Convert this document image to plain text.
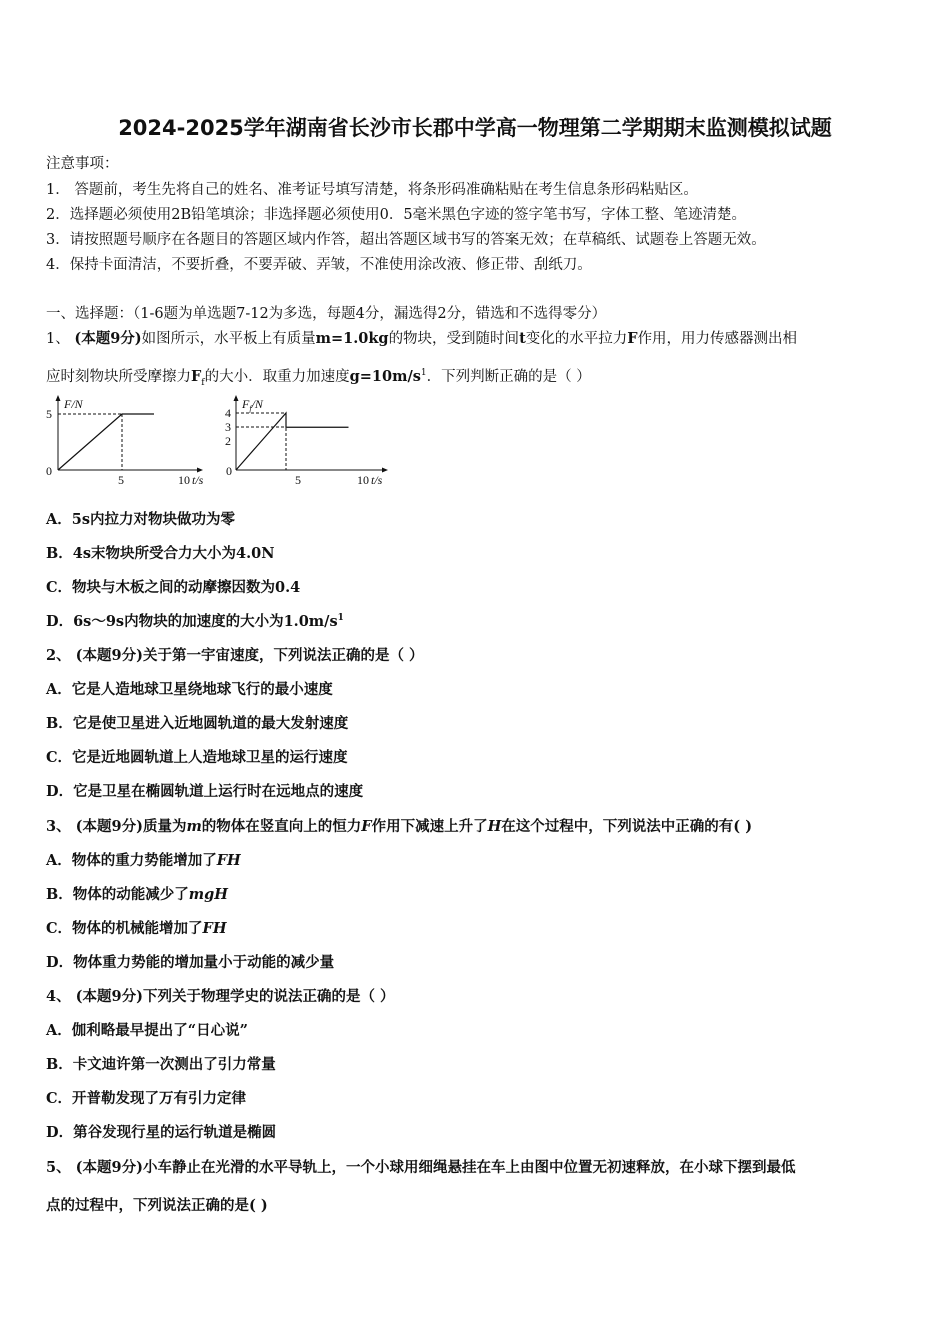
2024-2025学年湖南省长沙市长郡中学高一物理第二学期期末监测模拟试题
注意事项：
1． 答题前，考生先将自己的姓名、准考证号填写清楚，将条形码准确粘贴在考生信息条形码粘贴区。
2．选择题必须使用2B铅笔填涂；非选择题必须使用0．5毫米黑色字迹的签字笔书写，字体工整、笔迹清楚。
3．请按照题号顺序在各题目的答题区域内作答，超出答题区域书写的答案无效；在草稿纸、试题卷上答题无效。
4．保持卡面清洁，不要折叠，不要弄破、弄皱，不准使用涂改液、修正带、刮纸刀。
一、选择题：（1-6题为单选题7-12为多选，每题4分，漏选得2分，错选和不选得零分）
1、 (本题9分)如图所示，水平板上有质量m=1.0kg的物块，受到随时间t变化的水平拉力F作用，用力传感器测出相
应时刻物块所受摩擦力$F_f$的大小．取重力加速度$g=10m/s^1$．下列判断正确的是（ ）
F/N
5
0
5	10 t/s
$F_f/N$
4
3
2
0
5	10 t/s
A．5s内拉力对物块做功为零
B．4s末物块所受合力大小为4.0N
C．物块与木板之间的动摩擦因数为0.4
D．6s～9s内物块的加速度的大小为$1.0m/s^1$
2、 (本题9分)关于第一宇宙速度，下列说法正确的是（ ）
A．它是人造地球卫星绕地球飞行的最小速度
B．它是使卫星进入近地圆轨道的最大发射速度
C．它是近地圆轨道上人造地球卫星的运行速度
D．它是卫星在椭圆轨道上运行时在远地点的速度
3、 (本题9分)质量为m的物体在竖直向上的恒力F作用下减速上升了H在这个过程中，下列说法中正确的有( )
A．物体的重力势能增加了FH
B．物体的动能减少了mgH
C．物体的机械能增加了FH
D．物体重力势能的增加量小于动能的减少量
4、 (本题9分)下列关于物理学史的说法正确的是（ ）
A．伽利略最早提出了“日心说”
B．卡文迪许第一次测出了引力常量
C．开普勒发现了万有引力定律
D．第谷发现行星的运行轨道是椭圆
5、 (本题9分)小车静止在光滑的水平导轨上，一个小球用细绳悬挂在车上由图中位置无初速释放，在小球下摆到最低
点的过程中，下列说法正确的是( )
